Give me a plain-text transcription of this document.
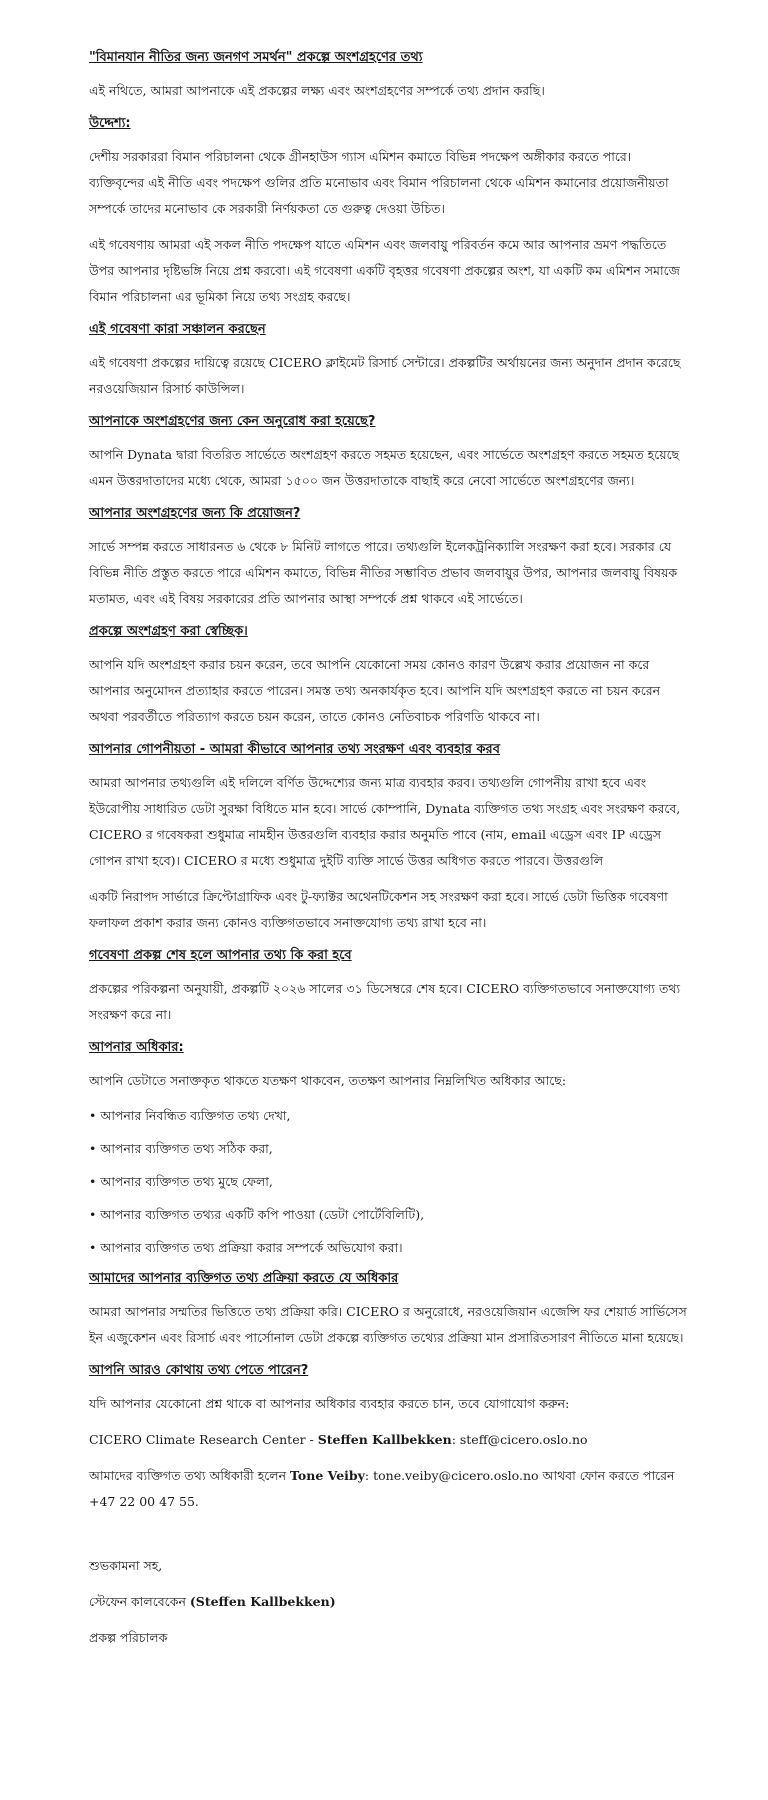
"বিমানযান নীতির জন্য জনগণ সমর্থন" প্রকল্পে অংশগ্রহণের তথ্য

এই নথিতে, আমরা আপনাকে এই প্রকল্পের লক্ষ্য এবং অংশগ্রহণের সম্পর্কে তথ্য প্রদান করছি।

উদ্দেশ্য:

দেশীয় সরকাররা বিমান পরিচালনা থেকে গ্রীনহাউস গ্যাস এমিশন কমাতে বিভিন্ন পদক্ষেপ অঙ্গীকার করতে পারে। ব্যক্তিবৃন্দের এই নীতি এবং পদক্ষেপ গুলির প্রতি মনোভাব এবং বিমান পরিচালনা থেকে এমিশন কমানোর প্রয়োজনীয়তা সম্পর্কে তাদের মনোভাব কে সরকারী নির্ণয়কতা তে গুরুত্ব দেওয়া উচিত।

এই গবেষণায় আমরা এই সকল নীতি পদক্ষেপ যাতে এমিশন এবং জলবায়ু পরিবর্তন কমে আর আপনার ভ্রমণ পদ্ধতিতে উপর আপনার দৃষ্টিভঙ্গি নিয়ে প্রশ্ন করবো। এই গবেষণা একটি বৃহত্তর গবেষণা প্রকল্পের অংশ, যা একটি কম এমিশন সমাজে বিমান পরিচালনা এর ভূমিকা নিয়ে তথ্য সংগ্রহ করছে।

এই গবেষণা কারা সঞ্চালন করছেন

এই গবেষণা প্রকল্পের দায়িত্বে রয়েছে CICERO ক্লাইমেট রিসার্চ সেন্টারে। প্রকল্পটির অর্থায়নের জন্য অনুদান প্রদান করেছে নরওয়েজিয়ান রিসার্চ কাউন্সিল।

আপনাকে অংশগ্রহণের জন্য কেন অনুরোধ করা হয়েছে?

আপনি Dynata দ্বারা বিতরিত সার্ভেতে অংশগ্রহণ করতে সহমত হয়েছেন, এবং সার্ভেতে অংশগ্রহণ করতে সহমত হয়েছে এমন উত্তরদাতাদের মধ্যে থেকে, আমরা ১৫০০ জন উত্তরদাতাকে বাছাই করে নেবো সার্ভেতে অংশগ্রহণের জন্য।

আপনার অংশগ্রহণের জন্য কি প্রয়োজন?

সার্ভে সম্পন্ন করতে সাধারনত ৬ থেকে ৮ মিনিট লাগতে পারে। তথ্যগুলি ইলেকট্রনিক্যালি সংরক্ষণ করা হবে। সরকার যে বিভিন্ন নীতি প্রস্তুত করতে পারে এমিশন কমাতে, বিভিন্ন নীতির সম্ভাবিত প্রভাব জলবায়ুর উপর, আপনার জলবায়ু বিষয়ক মতামত, এবং এই বিষয় সরকারের প্রতি আপনার আস্থা সম্পর্কে প্রশ্ন থাকবে এই সার্ভেতে।

প্রকল্পে অংশগ্রহণ করা স্বেচ্ছিক।

আপনি যদি অংশগ্রহণ করার চয়ন করেন, তবে আপনি যেকোনো সময় কোনও কারণ উল্লেখ করার প্রয়োজন না করে আপনার অনুমোদন প্রত্যাহার করতে পারেন। সমস্ত তথ্য অনকার্যকৃত হবে। আপনি যদি অংশগ্রহণ করতে না চয়ন করেন অথবা পরবর্তীতে পরিত্যাগ করতে চয়ন করেন, তাতে কোনও নেতিবাচক পরিণতি থাকবে না।

আপনার গোপনীয়তা - আমরা কীভাবে আপনার তথ্য সংরক্ষণ এবং ব্যবহার করব

আমরা আপনার তথ্যগুলি এই দলিলে বর্ণিত উদ্দেশ্যের জন্য মাত্র ব্যবহার করব। তথ্যগুলি গোপনীয় রাখা হবে এবং ইউরোপীয় সাধারিত ডেটা সুরক্ষা বিধিতে মান হবে। সার্ভে কোম্পানি, Dynata ব্যক্তিগত তথ্য সংগ্রহ এবং সংরক্ষণ করবে, CICERO র গবেষকরা শুধুমাত্র নামহীন উত্তরগুলি ব্যবহার করার অনুমতি পাবে (নাম, email এড্রেস এবং IP এড্রেস গোপন রাখা হবে)। CICERO র মধ্যে শুধুমাত্র দুইটি ব্যক্তি সার্ভে উত্তর অধিগত করতে পারবে। উত্তরগুলি

একটি নিরাপদ সার্ভারে ক্রিপ্টোগ্রাফিক এবং টু-ফ্যাক্টর অথেনটিকেশন সহ সংরক্ষণ করা হবে। সার্ভে ডেটা ভিত্তিক গবেষণা ফলাফল প্রকাশ করার জন্য কোনও ব্যক্তিগতভাবে সনাক্তযোগ্য তথ্য রাখা হবে না।

গবেষণা প্রকল্প শেষ হলে আপনার তথ্য কি করা হবে

প্রকল্পের পরিকল্পনা অনুযায়ী, প্রকল্পটি ২০২৬ সালের ৩১ ডিসেম্বরে শেষ হবে। CICERO ব্যক্তিগতভাবে সনাক্তযোগ্য তথ্য সংরক্ষণ করে না।

আপনার অধিকার:

আপনি ডেটাতে সনাক্তকৃত থাকতে যতক্ষণ থাকবেন, ততক্ষণ আপনার নিম্নলিখিত অধিকার আছে:

• আপনার নিবন্ধিত ব্যক্তিগত তথ্য দেখা,

• আপনার ব্যক্তিগত তথ্য সঠিক করা,

• আপনার ব্যক্তিগত তথ্য মুছে ফেলা,

• আপনার ব্যক্তিগত তথ্যর একটি কপি পাওয়া (ডেটা পোর্টেবিলিটি),

• আপনার ব্যক্তিগত তথ্য প্রক্রিয়া করার সম্পর্কে অভিযোগ করা।

আমাদের আপনার ব্যক্তিগত তথ্য প্রক্রিয়া করতে যে অধিকার

আমরা আপনার সম্মতির ভিত্তিতে তথ্য প্রক্রিয়া করি। CICERO র অনুরোধে, নরওয়েজিয়ান এজেন্সি ফর শেয়ার্ড সার্ভিসেস ইন এজুকেশন এবং রিসার্চ এবং পার্সোনাল ডেটা প্রকল্পে ব্যক্তিগত তথ্যের প্রক্রিয়া মান প্রসারিতসারণ নীতিতে মানা হয়েছে।

আপনি আরও কোথায় তথ্য পেতে পারেন?

যদি আপনার যেকোনো প্রশ্ন থাকে বা আপনার অধিকার ব্যবহার করতে চান, তবে যোগাযোগ করুন:

CICERO Climate Research Center - Steffen Kallbekken: steff@cicero.oslo.no

আমাদের ব্যক্তিগত তথ্য অধিকারী হলেন Tone Veiby: tone.veiby@cicero.oslo.no আথবা ফোন করতে পারেন +47 22 00 47 55.

শুভকামনা সহ,

স্টেফেন কালবেকেন (Steffen Kallbekken)

প্রকল্প পরিচালক
